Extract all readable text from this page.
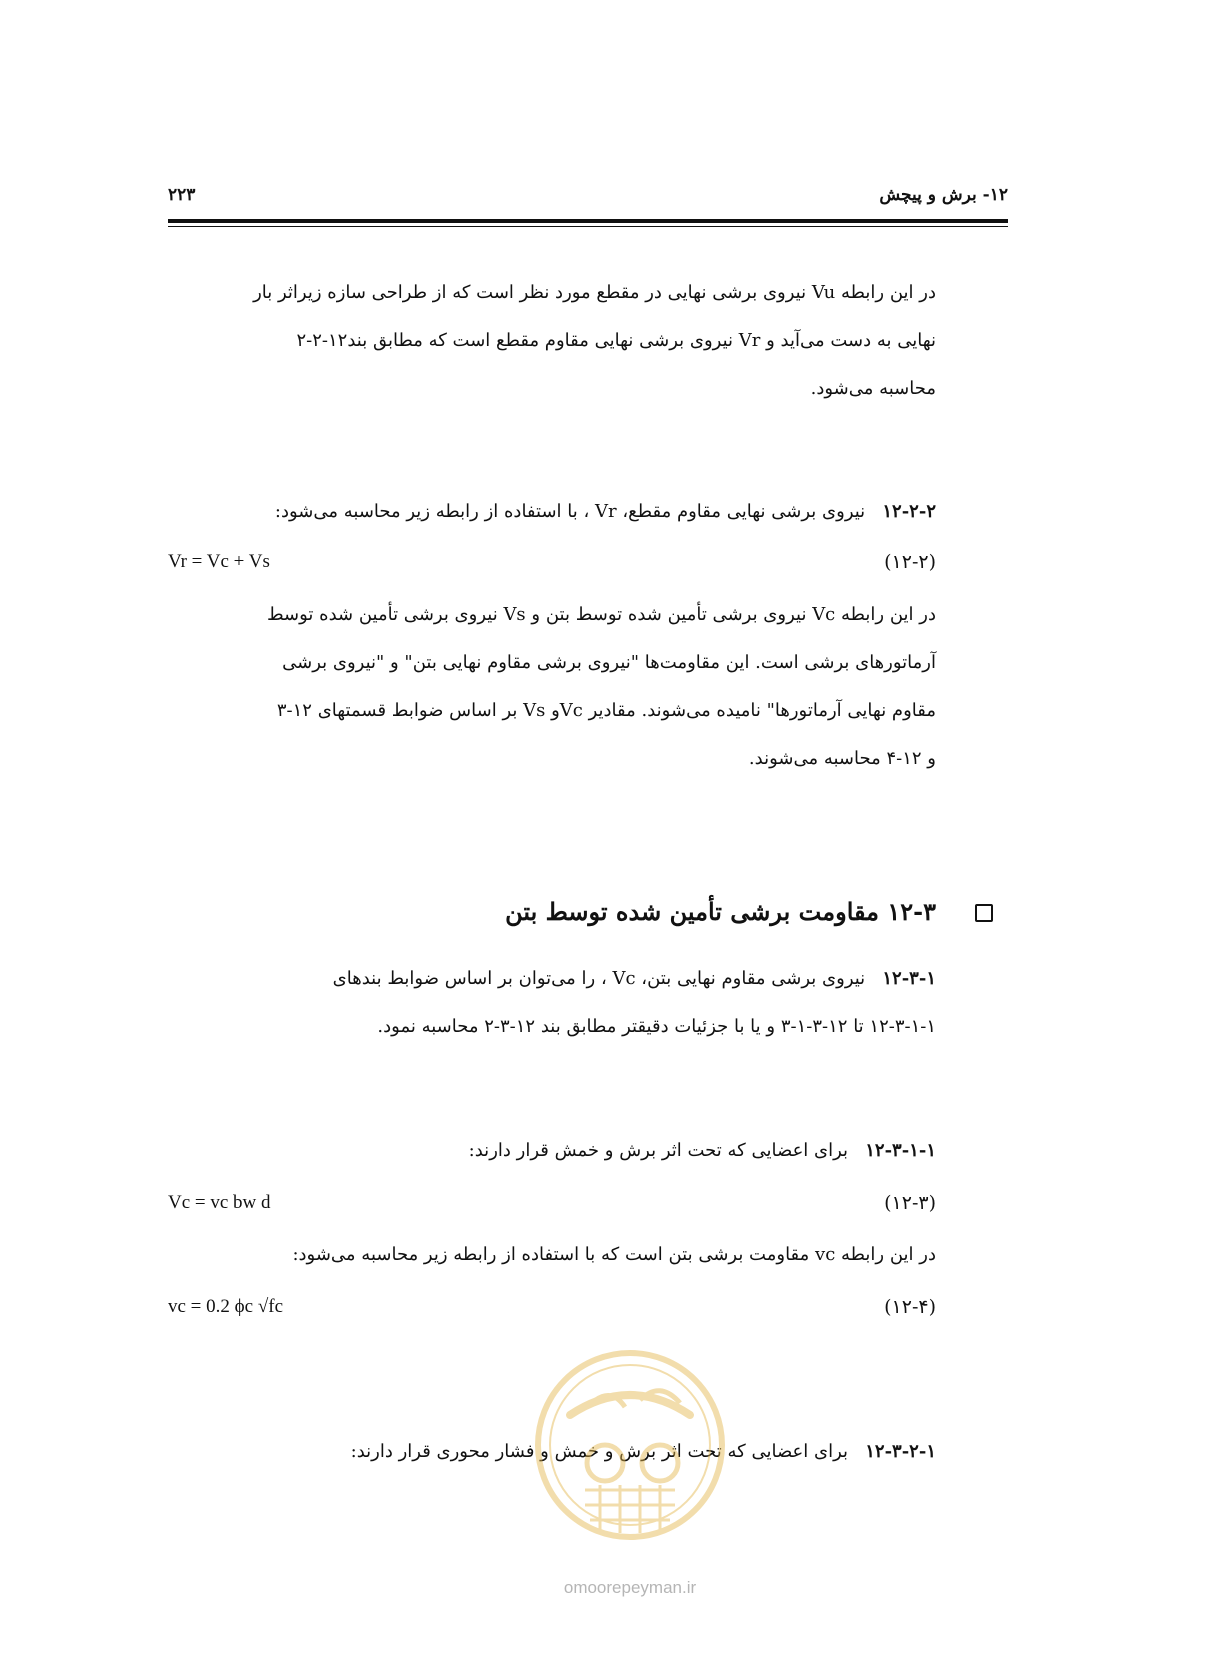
۱۲- برش و پیچش
۲۲۳
در این رابطه Vu نیروی برشی نهایی در مقطع مورد نظر است که از طراحی سازه زیراثر بار
نهایی به دست می‌آید و Vr نیروی برشی نهایی مقاوم مقطع است که مطابق بند۱۲-۲-۲
محاسبه می‌شود.
۱۲-۲-۲   نیروی برشی نهایی مقاوم مقطع، Vr ، با استفاده از رابطه زیر محاسبه می‌شود:
Vr = Vc + Vs	(۱۲-۲)
در این رابطه Vc نیروی برشی تأمین شده توسط بتن و Vs نیروی برشی تأمین شده توسط
آرماتورهای برشی است. این مقاومت‌ها "نیروی برشی مقاوم نهایی بتن" و "نیروی برشی
مقاوم نهایی آرماتورها" نامیده می‌شوند. مقادیر Vcو Vs بر اساس ضوابط قسمتهای ۱۲-۳
و ۱۲-۴ محاسبه می‌شوند.
۱۲-۳ مقاومت برشی تأمین شده توسط بتن
۱۲-۳-۱   نیروی برشی مقاوم نهایی بتن، Vc ، را می‌توان بر اساس ضوابط بندهای
۱۲-۳-۱-۱ تا ۱۲-۳-۱-۳ و یا با جزئیات دقیقتر مطابق بند ۱۲-۳-۲ محاسبه نمود.
۱۲-۳-۱-۱   برای اعضایی که تحت اثر برش و خمش قرار دارند:
Vc = vc bw d	(۱۲-۳)
در این رابطه vc مقاومت برشی بتن است که با استفاده از رابطه زیر محاسبه می‌شود:
vc = 0.2 ϕc √fc	(۱۲-۴)
۱۲-۳-۲-۱   برای اعضایی که تحت اثر برش و خمش و فشار محوری قرار دارند:
omoorepeyman.ir
